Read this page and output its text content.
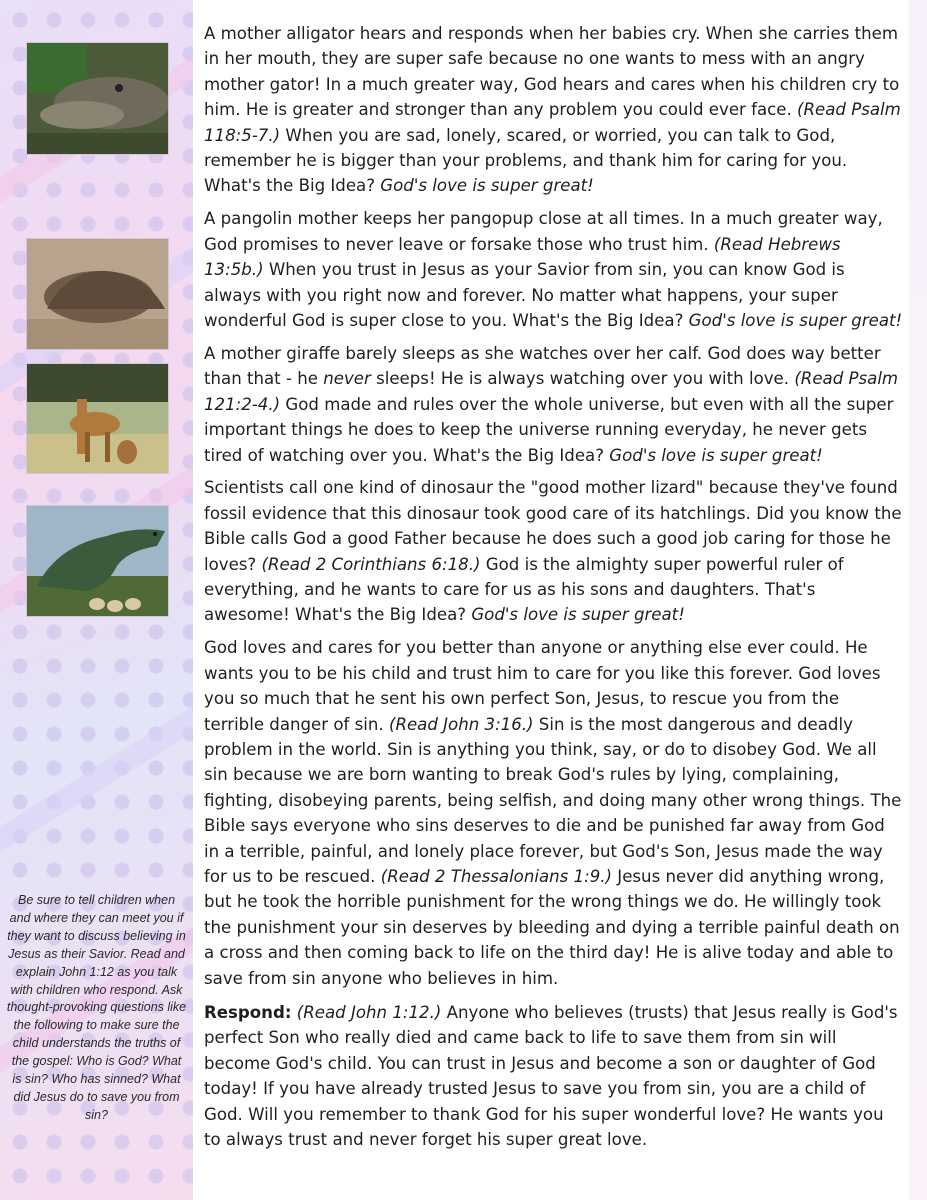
Be sure to tell children when and where they can meet you if they want to discuss believing in Jesus as their Savior. Read and explain John 1:12 as you talk with children who respond. Ask thought-provoking questions like the following to make sure the child understands the truths of the gospel: Who is God? What is sin? Who has sinned? What did Jesus do to save you from sin?

A mother alligator hears and responds when her babies cry. When she carries them in her mouth, they are super safe because no one wants to mess with an angry mother gator! In a much greater way, God hears and cares when his children cry to him. He is greater and stronger than any problem you could ever face. (Read Psalm 118:5-7.) When you are sad, lonely, scared, or worried, you can talk to God, remember he is bigger than your problems, and thank him for caring for you. What's the Big Idea? God's love is super great!

A pangolin mother keeps her pangopup close at all times. In a much greater way, God promises to never leave or forsake those who trust him. (Read Hebrews 13:5b.) When you trust in Jesus as your Savior from sin, you can know God is always with you right now and forever. No matter what happens, your super wonderful God is super close to you. What's the Big Idea? God's love is super great!

A mother giraffe barely sleeps as she watches over her calf. God does way better than that - he never sleeps! He is always watching over you with love. (Read Psalm 121:2-4.) God made and rules over the whole universe, but even with all the super important things he does to keep the universe running everyday, he never gets tired of watching over you. What's the Big Idea? God's love is super great!

Scientists call one kind of dinosaur the "good mother lizard" because they've found fossil evidence that this dinosaur took good care of its hatchlings. Did you know the Bible calls God a good Father because he does such a good job caring for those he loves? (Read 2 Corinthians 6:18.) God is the almighty super powerful ruler of everything, and he wants to care for us as his sons and daughters. That's awesome! What's the Big Idea? God's love is super great!

God loves and cares for you better than anyone or anything else ever could. He wants you to be his child and trust him to care for you like this forever. God loves you so much that he sent his own perfect Son, Jesus, to rescue you from the terrible danger of sin. (Read John 3:16.) Sin is the most dangerous and deadly problem in the world. Sin is anything you think, say, or do to disobey God. We all sin because we are born wanting to break God's rules by lying, complaining, fighting, disobeying parents, being selfish, and doing many other wrong things. The Bible says everyone who sins deserves to die and be punished far away from God in a terrible, painful, and lonely place forever, but God's Son, Jesus made the way for us to be rescued. (Read 2 Thessalonians 1:9.) Jesus never did anything wrong, but he took the horrible punishment for the wrong things we do. He willingly took the punishment your sin deserves by bleeding and dying a terrible painful death on a cross and then coming back to life on the third day! He is alive today and able to save from sin anyone who believes in him.

Respond: (Read John 1:12.) Anyone who believes (trusts) that Jesus really is God's perfect Son who really died and came back to life to save them from sin will become God's child. You can trust in Jesus and become a son or daughter of God today! If you have already trusted Jesus to save you from sin, you are a child of God. Will you remember to thank God for his super wonderful love? He wants you to always trust and never forget his super great love.
